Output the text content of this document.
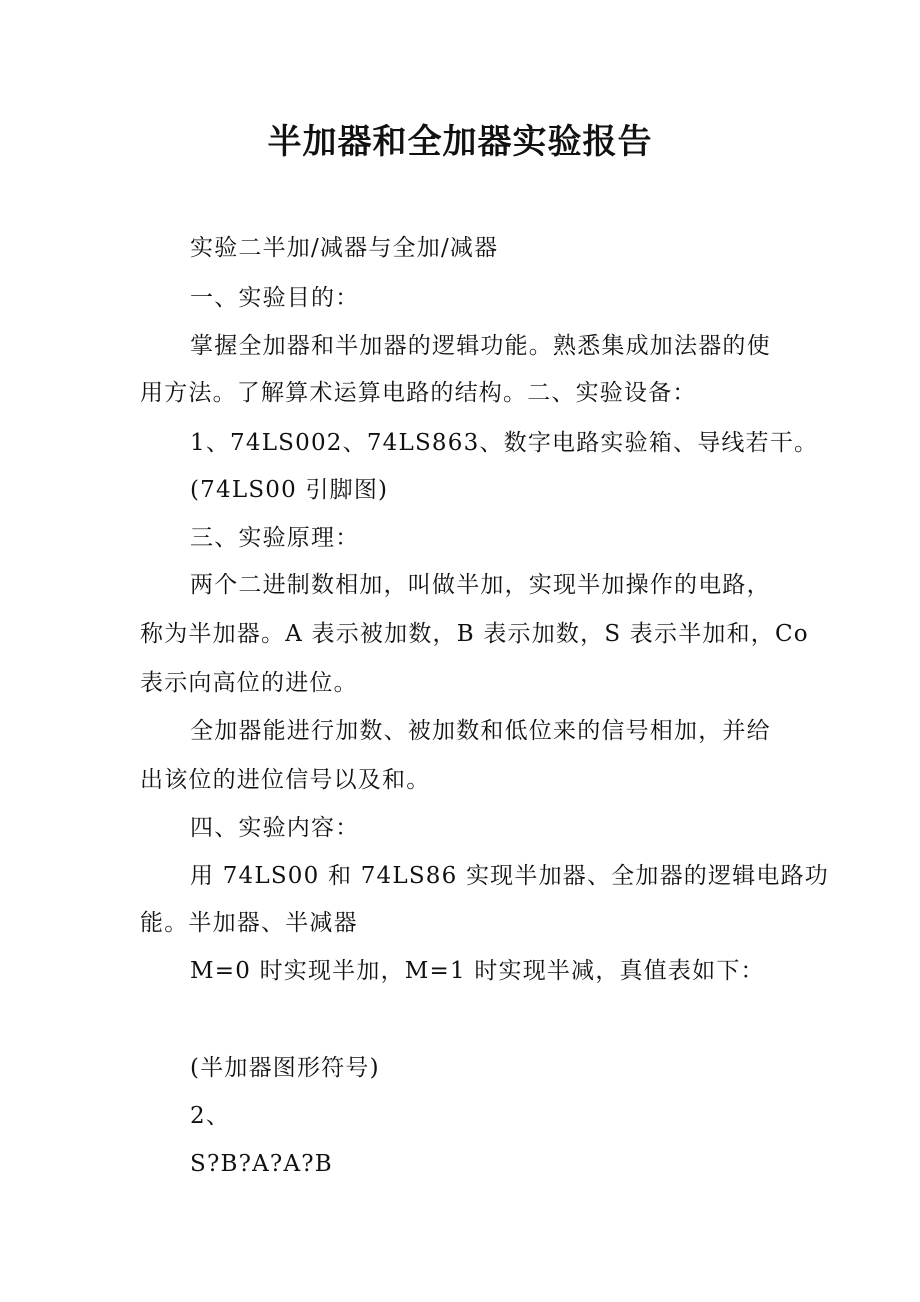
半加器和全加器实验报告
实验二半加/减器与全加/减器
一、实验目的：
掌握全加器和半加器的逻辑功能。熟悉集成加法器的使
用方法。了解算术运算电路的结构。二、实验设备：
1、74LS002、74LS863、数字电路实验箱、导线若干。
(74LS00 引脚图)
三、实验原理：
两个二进制数相加，叫做半加，实现半加操作的电路，
称为半加器。A 表示被加数，B 表示加数，S 表示半加和，Co
表示向高位的进位。
全加器能进行加数、被加数和低位来的信号相加，并给
出该位的进位信号以及和。
四、实验内容：
用 74LS00 和 74LS86 实现半加器、全加器的逻辑电路功
能。半加器、半减器
M=0 时实现半加，M=1 时实现半减，真值表如下：
(半加器图形符号)
2、
S?B?A?A?B
